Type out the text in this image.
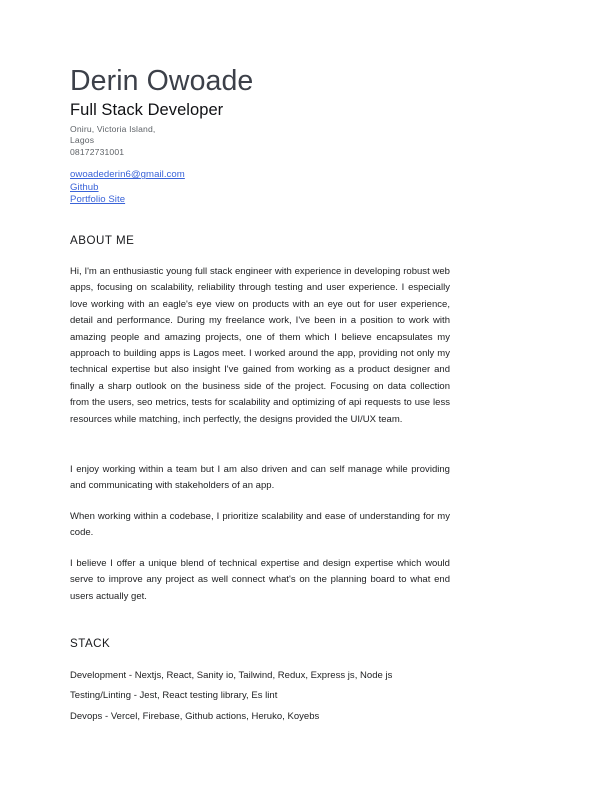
Derin Owoade
Full Stack Developer
Oniru, Victoria Island,
Lagos
08172731001
owoadederin6@gmail.com
Github
Portfolio Site
ABOUT ME

Hi, I'm an enthusiastic young full stack engineer with experience in developing robust web apps, focusing on scalability, reliability through testing and user experience. I especially love working with an eagle's eye view on products with an eye out for user experience, detail and performance. During my freelance work, I've been in a position to work with amazing people and amazing projects, one of them which I believe encapsulates my approach to building apps is Lagos meet. I worked around the app, providing not only my technical expertise but also insight I've gained from working as a product designer and finally a sharp outlook on the business side of the project. Focusing on data collection from the users, seo metrics, tests for scalability and optimizing of api requests to use less resources while matching, inch perfectly, the designs provided the UI/UX team.

I enjoy working within a team but I am also driven and can self manage while providing and communicating with stakeholders of an app.

When working within a codebase, I prioritize scalability and ease of understanding for my code.

I believe I offer a unique blend of technical expertise and design expertise which would serve to improve any project as well connect what's on the planning board to what end users actually get.

STACK
Development - Nextjs, React, Sanity io, Tailwind, Redux, Express js, Node js
Testing/Linting - Jest, React testing library, Es lint
Devops - Vercel, Firebase, Github actions, Heruko, Koyebs
